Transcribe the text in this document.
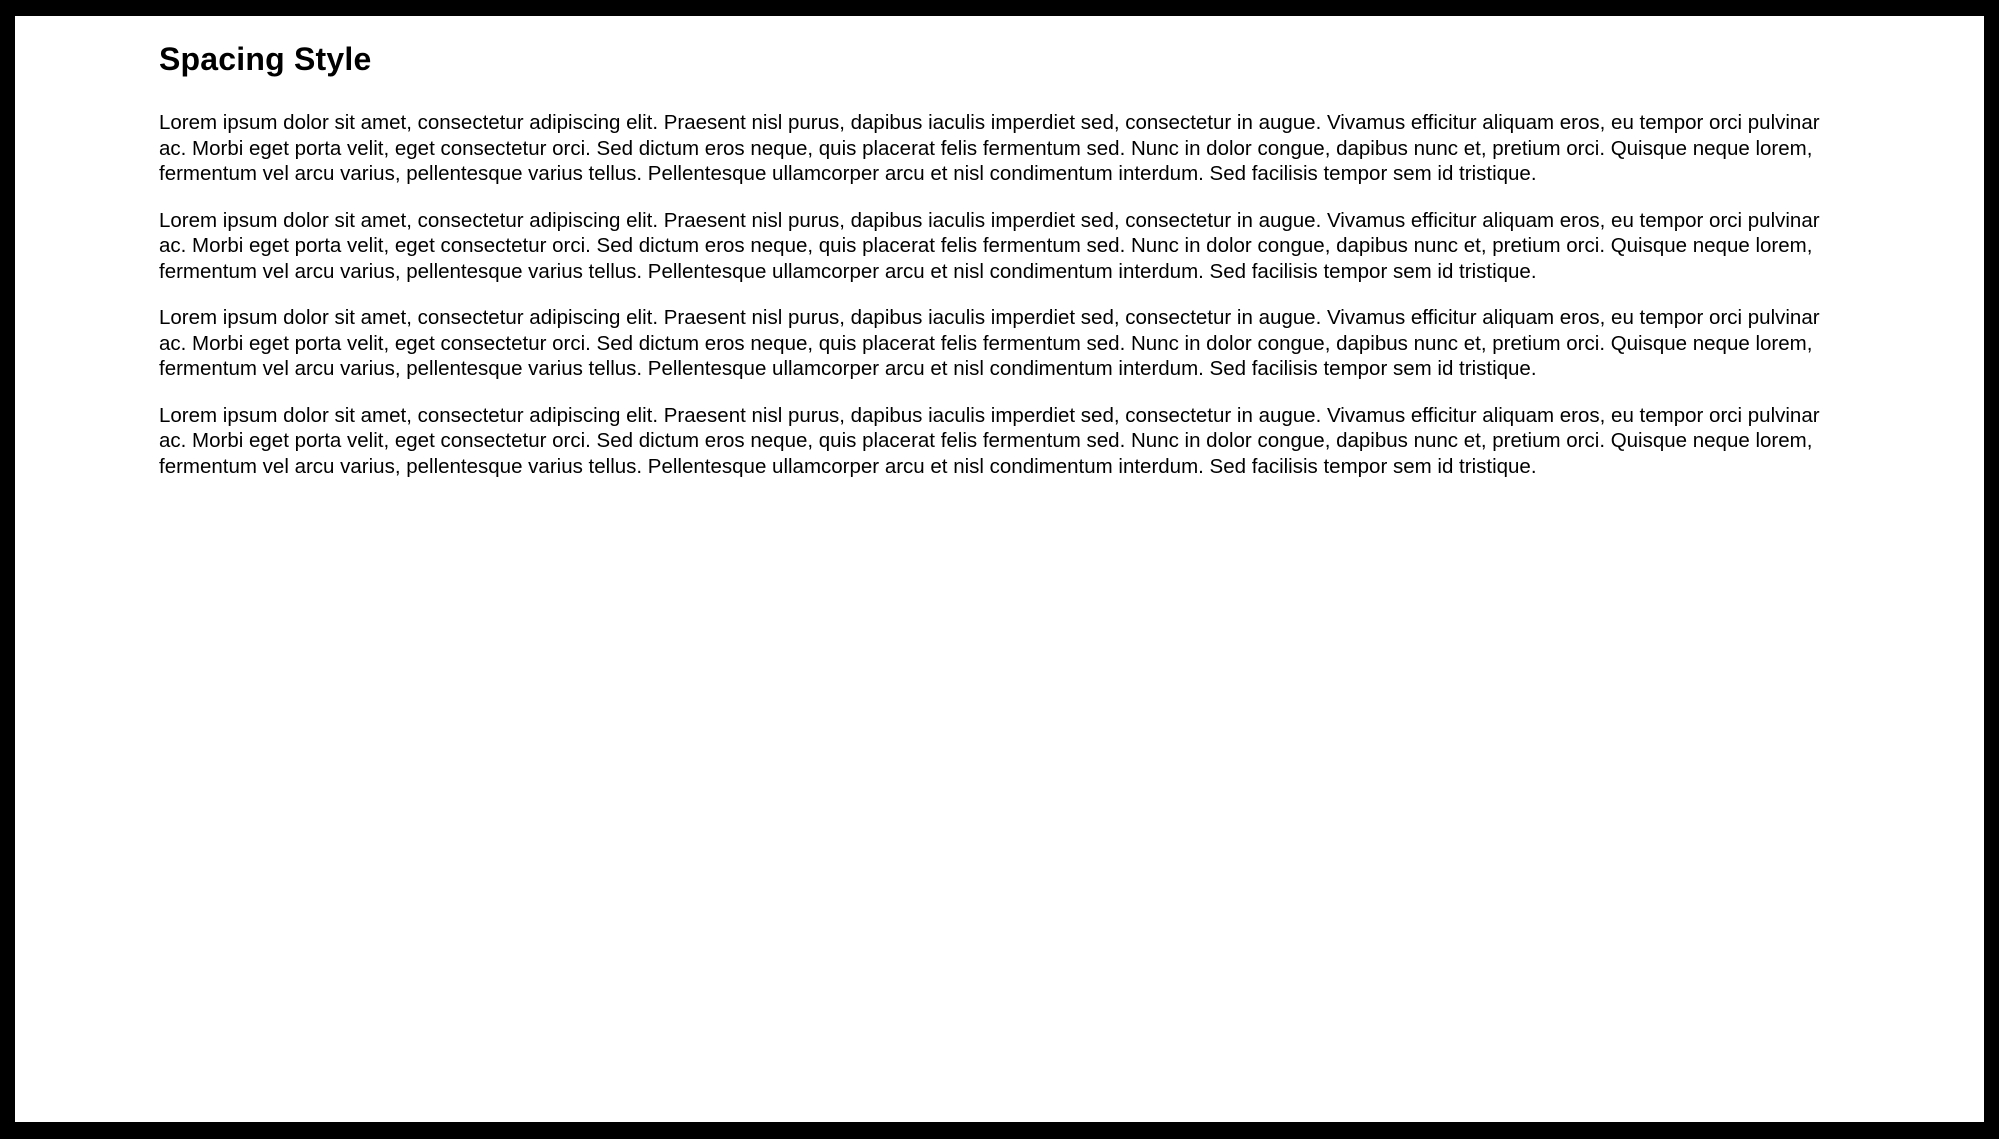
Spacing Style

Lorem ipsum dolor sit amet, consectetur adipiscing elit. Praesent nisl purus, dapibus iaculis imperdiet sed, consectetur in augue. Vivamus efficitur aliquam eros, eu tempor orci pulvinar ac. Morbi eget porta velit, eget consectetur orci. Sed dictum eros neque, quis placerat felis fermentum sed. Nunc in dolor congue, dapibus nunc et, pretium orci. Quisque neque lorem, fermentum vel arcu varius, pellentesque varius tellus. Pellentesque ullamcorper arcu et nisl condimentum interdum. Sed facilisis tempor sem id tristique.

Lorem ipsum dolor sit amet, consectetur adipiscing elit. Praesent nisl purus, dapibus iaculis imperdiet sed, consectetur in augue. Vivamus efficitur aliquam eros, eu tempor orci pulvinar ac. Morbi eget porta velit, eget consectetur orci. Sed dictum eros neque, quis placerat felis fermentum sed. Nunc in dolor congue, dapibus nunc et, pretium orci. Quisque neque lorem, fermentum vel arcu varius, pellentesque varius tellus. Pellentesque ullamcorper arcu et nisl condimentum interdum. Sed facilisis tempor sem id tristique.

Lorem ipsum dolor sit amet, consectetur adipiscing elit. Praesent nisl purus, dapibus iaculis imperdiet sed, consectetur in augue. Vivamus efficitur aliquam eros, eu tempor orci pulvinar ac. Morbi eget porta velit, eget consectetur orci. Sed dictum eros neque, quis placerat felis fermentum sed. Nunc in dolor congue, dapibus nunc et, pretium orci. Quisque neque lorem, fermentum vel arcu varius, pellentesque varius tellus. Pellentesque ullamcorper arcu et nisl condimentum interdum. Sed facilisis tempor sem id tristique.

Lorem ipsum dolor sit amet, consectetur adipiscing elit. Praesent nisl purus, dapibus iaculis imperdiet sed, consectetur in augue. Vivamus efficitur aliquam eros, eu tempor orci pulvinar ac. Morbi eget porta velit, eget consectetur orci. Sed dictum eros neque, quis placerat felis fermentum sed. Nunc in dolor congue, dapibus nunc et, pretium orci. Quisque neque lorem, fermentum vel arcu varius, pellentesque varius tellus. Pellentesque ullamcorper arcu et nisl condimentum interdum. Sed facilisis tempor sem id tristique.
